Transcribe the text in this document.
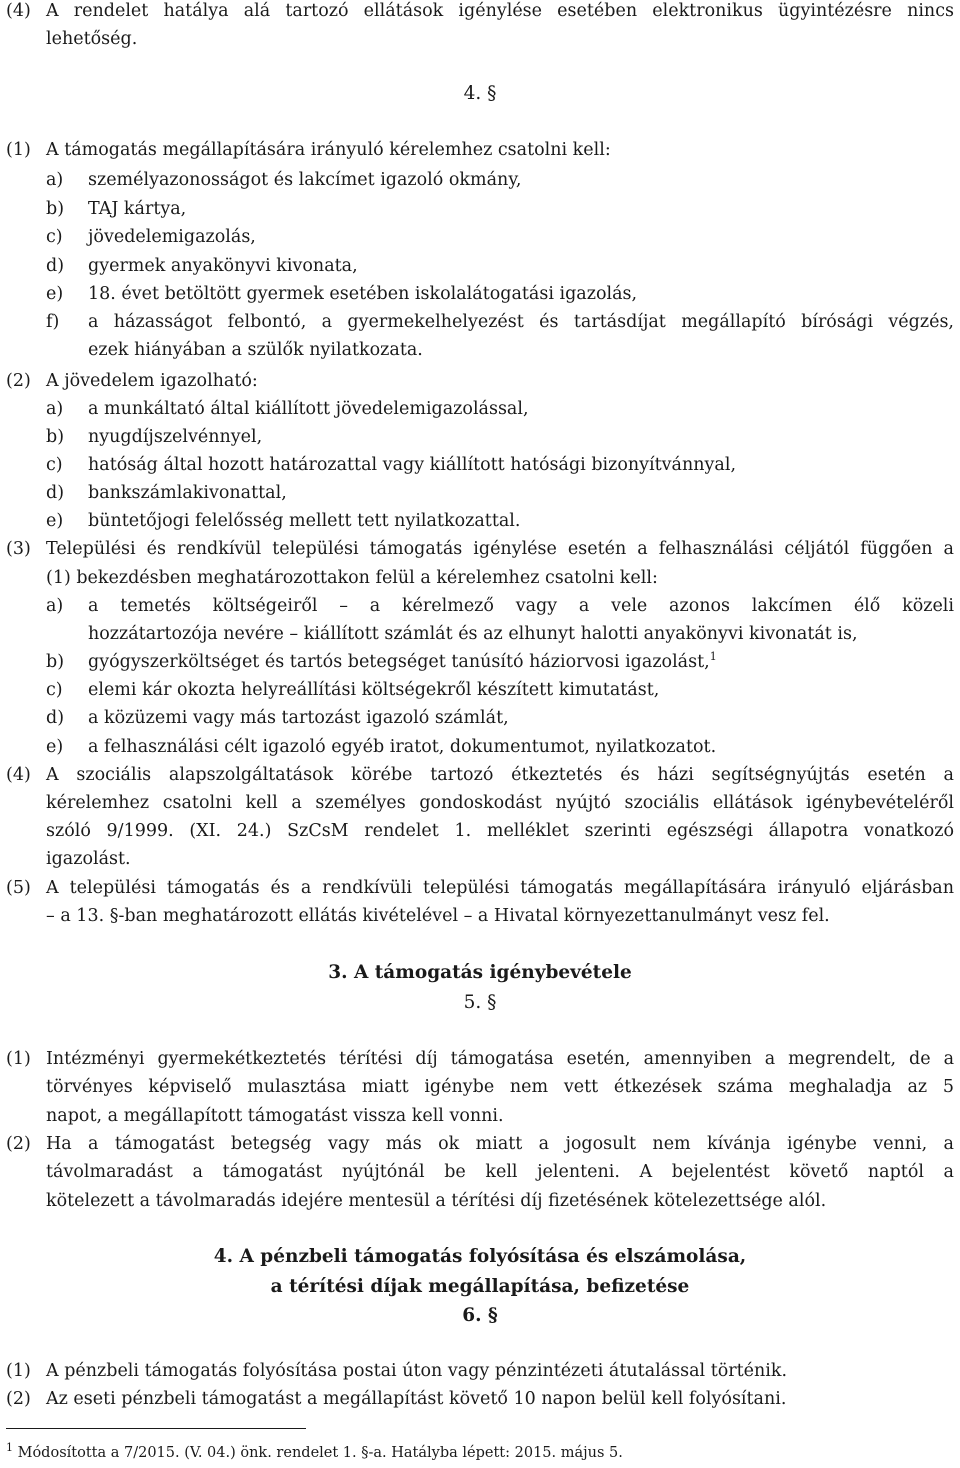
(4) A rendelet hatálya alá tartozó ellátások igénylése esetében elektronikus ügyintézésre nincs
lehetőség.
4. §
(1) A támogatás megállapítására irányuló kérelemhez csatolni kell:
a) személyazonosságot és lakcímet igazoló okmány,
b) TAJ kártya,
c) jövedelemigazolás,
d) gyermek anyakönyvi kivonata,
e) 18. évet betöltött gyermek esetében iskolalátogatási igazolás,
f) a házasságot felbontó, a gyermekelhelyezést és tartásdíjat megállapító bírósági végzés,
ezek hiányában a szülők nyilatkozata.
(2) A jövedelem igazolható:
a) a munkáltató által kiállított jövedelemigazolással,
b) nyugdíjszelvénnyel,
c) hatóság által hozott határozattal vagy kiállított hatósági bizonyítvánnyal,
d) bankszámlakivonattal,
e) büntetőjogi felelősség mellett tett nyilatkozattal.
(3) Települési és rendkívül települési támogatás igénylése esetén a felhasználási céljától függően a
(1) bekezdésben meghatározottakon felül a kérelemhez csatolni kell:
a) a temetés költségeiről – a kérelmező vagy a vele azonos lakcímen élő közeli
hozzátartozója nevére – kiállított számlát és az elhunyt halotti anyakönyvi kivonatát is,
b) gyógyszerköltséget és tartós betegséget tanúsító háziorvosi igazolást,$^1$
c) elemi kár okozta helyreállítási költségekről készített kimutatást,
d) a közüzemi vagy más tartozást igazoló számlát,
e) a felhasználási célt igazoló egyéb iratot, dokumentumot, nyilatkozatot.
(4) A szociális alapszolgáltatások körébe tartozó étkeztetés és házi segítségnyújtás esetén a
kérelemhez csatolni kell a személyes gondoskodást nyújtó szociális ellátások igénybevételéről
szóló 9/1999. (XI. 24.) SzCsM rendelet 1. melléklet szerinti egészségi állapotra vonatkozó
igazolást.
(5) A települési támogatás és a rendkívüli települési támogatás megállapítására irányuló eljárásban
– a 13. §-ban meghatározott ellátás kivételével – a Hivatal környezettanulmányt vesz fel.
3. A támogatás igénybevétele
5. §
(1) Intézményi gyermekétkeztetés térítési díj támogatása esetén, amennyiben a megrendelt, de a
törvényes képviselő mulasztása miatt igénybe nem vett étkezések száma meghaladja az 5
napot, a megállapított támogatást vissza kell vonni.
(2) Ha a támogatást betegség vagy más ok miatt a jogosult nem kívánja igénybe venni, a
távolmaradást a támogatást nyújtónál be kell jelenteni. A bejelentést követő naptól a
kötelezett a távolmaradás idejére mentesül a térítési díj fizetésének kötelezettsége alól.
4. A pénzbeli támogatás folyósítása és elszámolása,
a térítési díjak megállapítása, befizetése
6. §
(1) A pénzbeli támogatás folyósítása postai úton vagy pénzintézeti átutalással történik.
(2) Az eseti pénzbeli támogatást a megállapítást követő 10 napon belül kell folyósítani.
$^1$ Módosította a 7/2015. (V. 04.) önk. rendelet 1. §-a. Hatályba lépett: 2015. május 5.
